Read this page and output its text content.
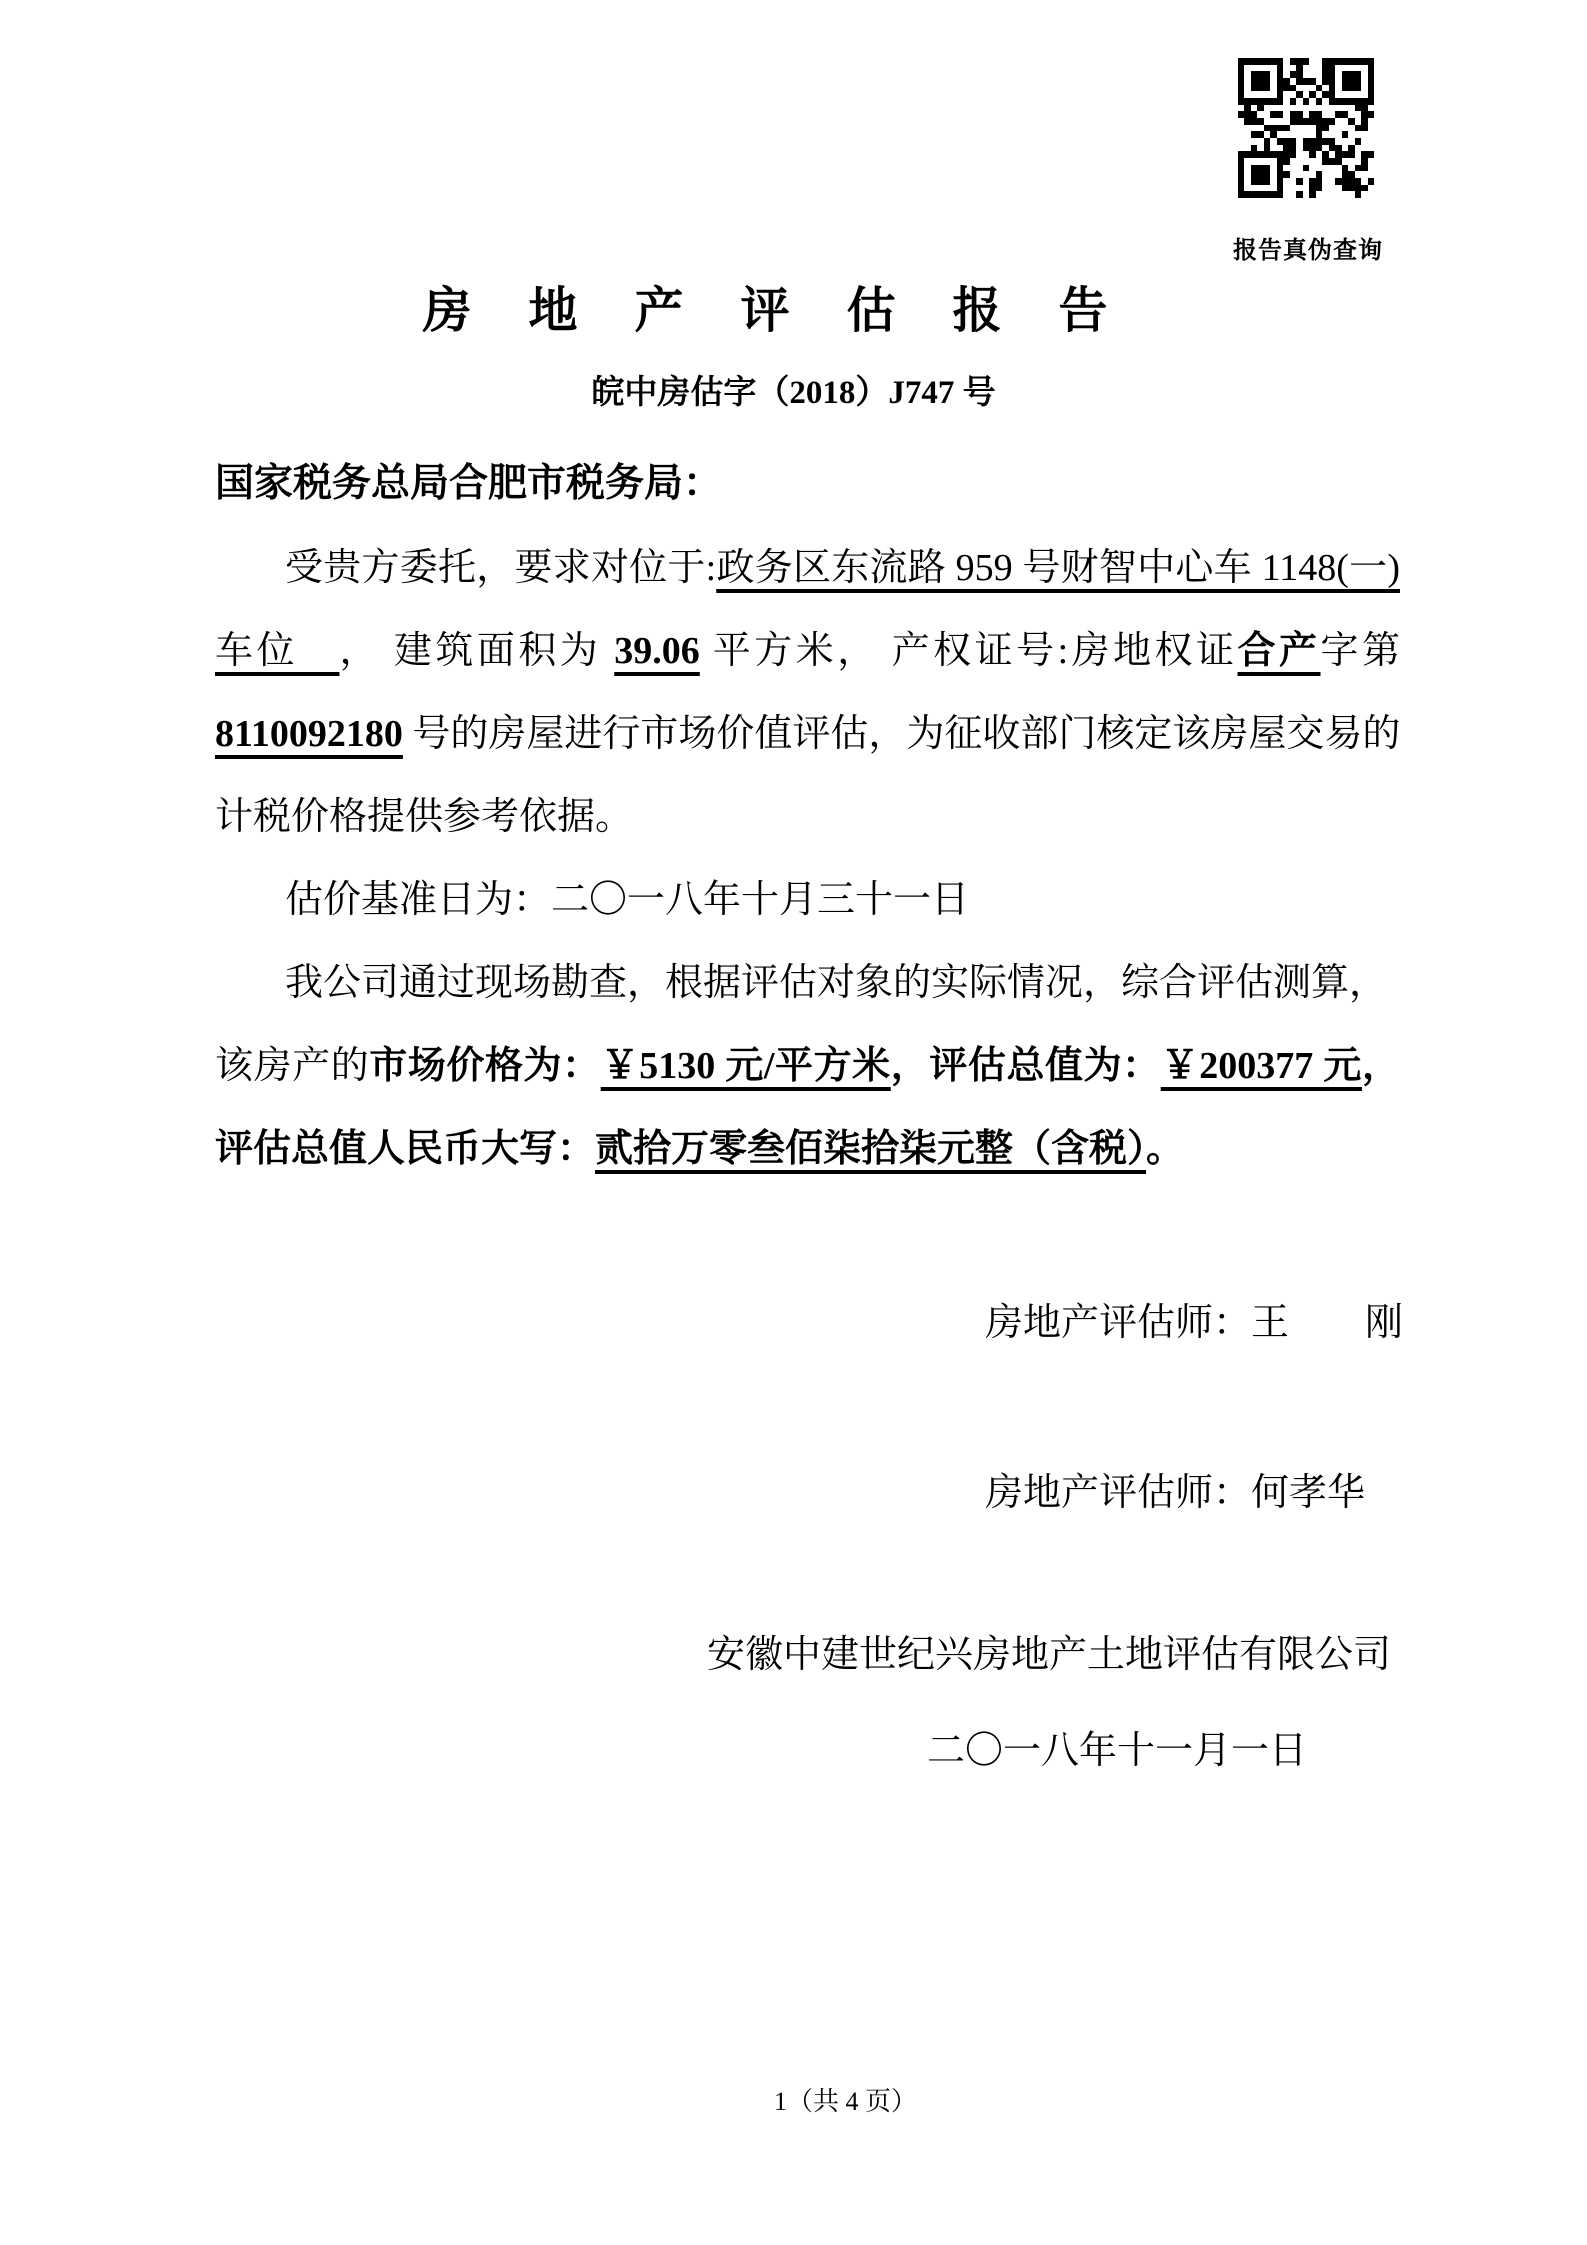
报告真伪查询
房地产评估报告
皖中房估字（2018）J747 号
国家税务总局合肥市税务局：
受贵方委托，要求对位于:政务区东流路 959 号财智中心车 1148(一)
车位　， 建筑面积为 39.06 平方米， 产权证号:房地权证合产字第
8110092180 号的房屋进行市场价值评估，为征收部门核定该房屋交易的
计税价格提供参考依据。
估价基准日为：二〇一八年十月三十一日
我公司通过现场勘查，根据评估对象的实际情况，综合评估测算，
该房产的市场价格为：￥5130 元/平方米，评估总值为：￥200377 元，
评估总值人民币大写：贰拾万零叁佰柒拾柒元整（含税）。
房地产评估师：王　　刚
房地产评估师：何孝华
安徽中建世纪兴房地产土地评估有限公司
二〇一八年十一月一日
1（共 4 页）
